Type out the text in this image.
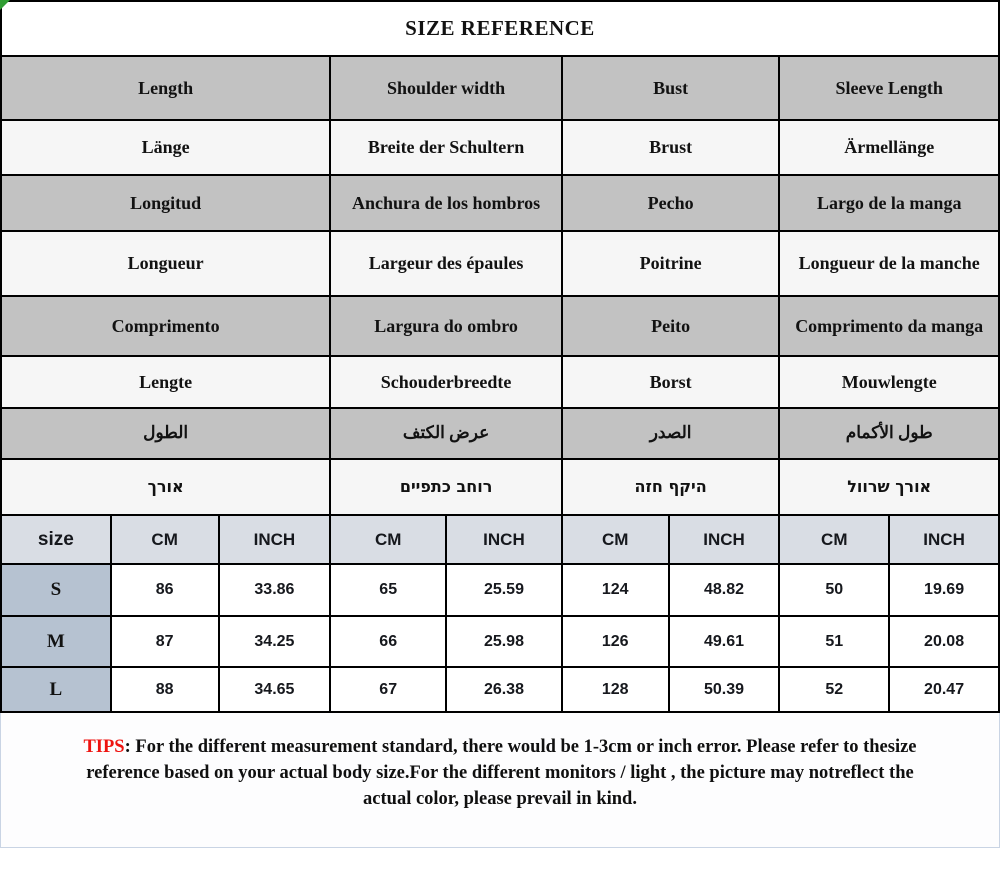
SIZE REFERENCE								
Length			Shoulder width		Bust		Sleeve Length	
Länge			Breite der Schultern		Brust		Ärmellänge	
Longitud			Anchura de los hombros		Pecho		Largo de la manga	
Longueur			Largeur des épaules		Poitrine		Longueur de la manche	
Comprimento			Largura do ombro		Peito		Comprimento da manga	
Lengte			Schouderbreedte		Borst		Mouwlengte	
الطول			عرض الكتف		الصدر		طول الأكمام	
אורך			רוחב כתפיים		היקף חזה		אורך שרוול	
size	CM	INCH	CM	INCH	CM	INCH	CM	INCH
S	86	33.86	65	25.59	124	48.82	50	19.69
M	87	34.25	66	25.98	126	49.61	51	20.08
L	88	34.65	67	26.38	128	50.39	52	20.47
TIPS: For the different measurement standard, there would be 1-3cm or inch error. Please refer to thesize
reference based on your actual body size.For the different monitors / light , the picture may notreflect the
actual color, please prevail in kind.
